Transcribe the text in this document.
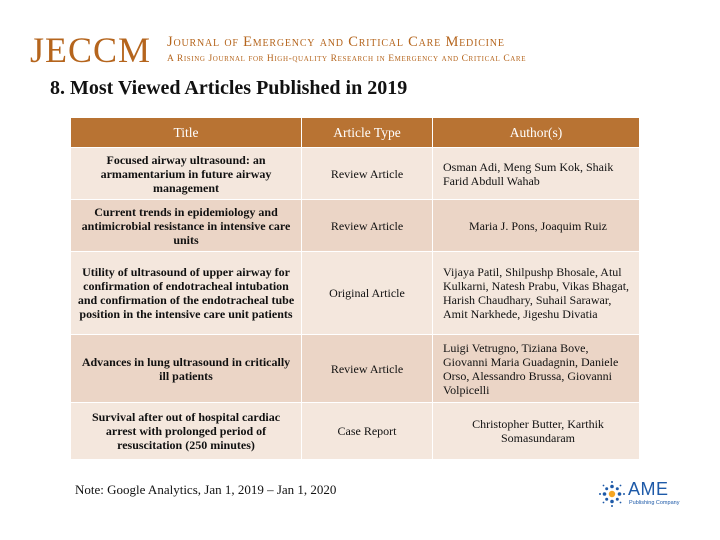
JECCM Journal of Emergency and Critical Care Medicine
A Rising Journal for High-quality Research in Emergency and Critical Care
8. Most Viewed Articles Published in 2019
Title	Article Type	Author(s)
Focused airway ultrasound: an armamentarium in future airway management	Review Article	Osman Adi, Meng Sum Kok, Shaik Farid Abdull Wahab
Current trends in epidemiology and antimicrobial resistance in intensive care units	Review Article	Maria J. Pons, Joaquim Ruiz
Utility of ultrasound of upper airway for confirmation of endotracheal intubation and confirmation of the endotracheal tube position in the intensive care unit patients	Original Article	Vijaya Patil, Shilpushp Bhosale, Atul Kulkarni, Natesh Prabu, Vikas Bhagat, Harish Chaudhary, Suhail Sarawar, Amit Narkhede, Jigeshu Divatia
Advances in lung ultrasound in critically ill patients	Review Article	Luigi Vetrugno, Tiziana Bove, Giovanni Maria Guadagnin, Daniele Orso, Alessandro Brussa, Giovanni Volpicelli
Survival after out of hospital cardiac arrest with prolonged period of resuscitation (250 minutes)	Case Report	Christopher Butter, Karthik Somasundaram
Note: Google Analytics, Jan 1, 2019 – Jan 1, 2020	AME
Publishing Company
